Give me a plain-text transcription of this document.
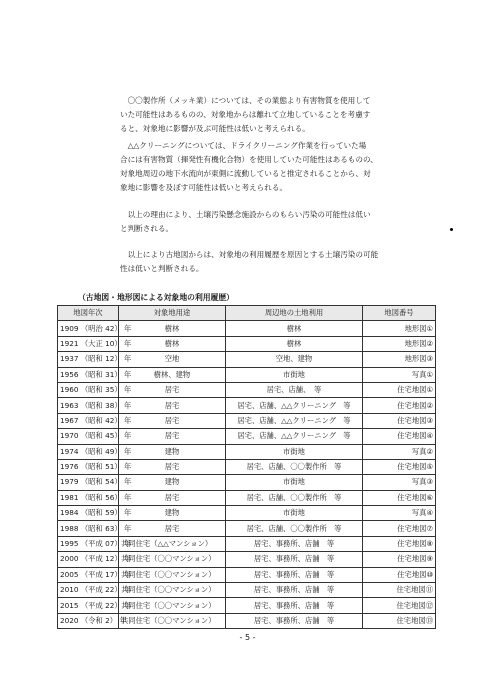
　〇〇製作所（メッキ業）については、その業態より有害物質を使用して
いた可能性はあるものの、対象地からは離れて立地していることを考慮す
ると、対象地に影響が及ぶ可能性は低いと考えられる。

　△△クリーニングについては、ドライクリーニング作業を行っていた場
合には有害物質（揮発性有機化合物）を使用していた可能性はあるものの、
対象地周辺の地下水流向が東側に流動していると推定されることから、対
象地に影響を及ぼす可能性は低いと考えられる。

　以上の理由により、土壌汚染懸念施設からのもらい汚染の可能性は低い
と判断される。

　以上により古地図からは、対象地の利用履歴を原因とする土壌汚染の可能
性は低いと判断される。

（古地図・地形図による対象地の利用履歴）
地図年次	対象地用途	周辺地の土地利用	地図番号
1909 （明治 42） 年	樹林	樹林	地形図①
1921 （大正 10） 年	樹林	樹林	地形図②
1937 （昭和 12） 年	空地	空地、建物	地形図③
1956 （昭和 31） 年	樹林、建物	市街地	写真①
1960 （昭和 35） 年	居宅	居宅、店舗、　等	住宅地図①
1963 （昭和 38） 年	居宅	居宅、店舗、△△クリーニング　等	住宅地図②
1967 （昭和 42） 年	居宅	居宅、店舗、△△クリーニング　等	住宅地図③
1970 （昭和 45） 年	居宅	居宅、店舗、△△クリーニング　等	住宅地図④
1974 （昭和 49） 年	建物	市街地	写真②
1976 （昭和 51） 年	居宅	居宅、店舗、〇〇製作所　等	住宅地図⑤
1979 （昭和 54） 年	建物	市街地	写真③
1981 （昭和 56） 年	居宅	居宅、店舗、〇〇製作所　等	住宅地図⑥
1984 （昭和 59） 年	建物	市街地	写真④
1988 （昭和 63） 年	居宅	居宅、店舗、〇〇製作所　等	住宅地図⑦
1995 （平成 07） 年	共同住宅（△△マンション）	居宅、事務所、店舗　等	住宅地図⑧
2000 （平成 12） 年	共同住宅（〇〇マンション）	居宅、事務所、店舗　等	住宅地図⑨
2005 （平成 17） 年	共同住宅（〇〇マンション）	居宅、事務所、店舗　等	住宅地図⑩
2010 （平成 22） 年	共同住宅（〇〇マンション）	居宅、事務所、店舗　等	住宅地図⑪
2015 （平成 22） 年	共同住宅（〇〇マンション）	居宅、事務所、店舗　等	住宅地図⑫
2020 （令和 2） 年	共同住宅（〇〇マンション）	居宅、事務所、店舗　等	住宅地図⑬
- 5 -
